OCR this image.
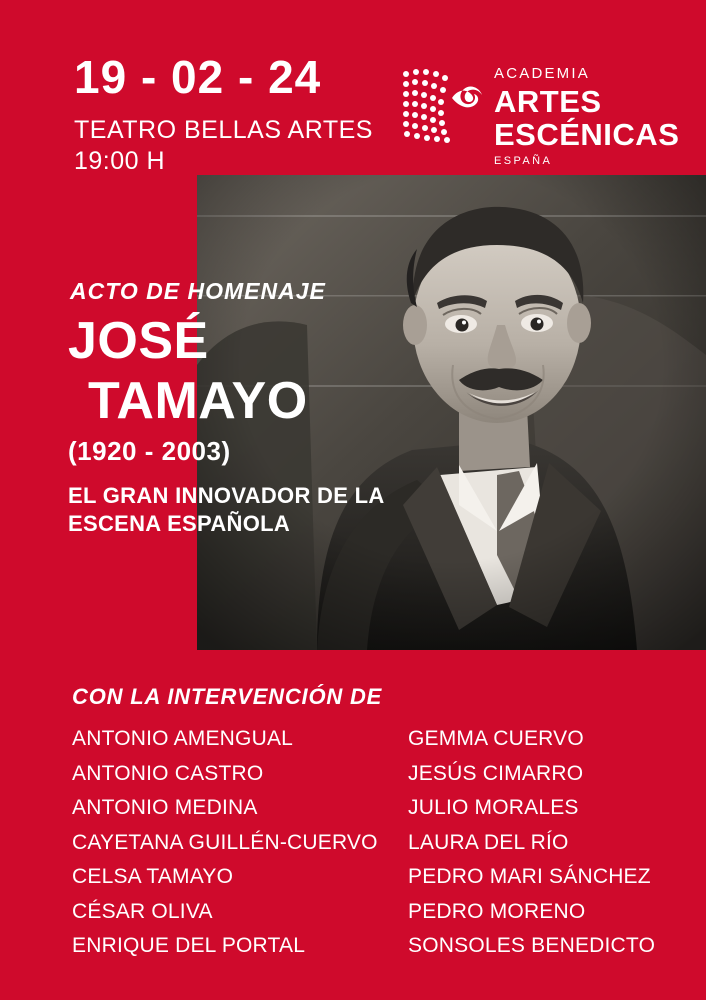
19 - 02 - 24
TEATRO BELLAS ARTES
19:00 H
ACADEMIA
ARTES
ESCÉNICAS
ESPAÑA
ACTO DE HOMENAJE
JOSÉ
TAMAYO
(1920 - 2003)
EL GRAN INNOVADOR DE LA ESCENA ESPAÑOLA
CON LA INTERVENCIÓN DE
ANTONIO AMENGUAL
ANTONIO CASTRO
ANTONIO MEDINA
CAYETANA GUILLÉN-CUERVO
CELSA TAMAYO
CÉSAR OLIVA
ENRIQUE DEL PORTAL
GEMMA CUERVO
JESÚS CIMARRO
JULIO MORALES
LAURA DEL RÍO
PEDRO MARI SÁNCHEZ
PEDRO MORENO
SONSOLES BENEDICTO
